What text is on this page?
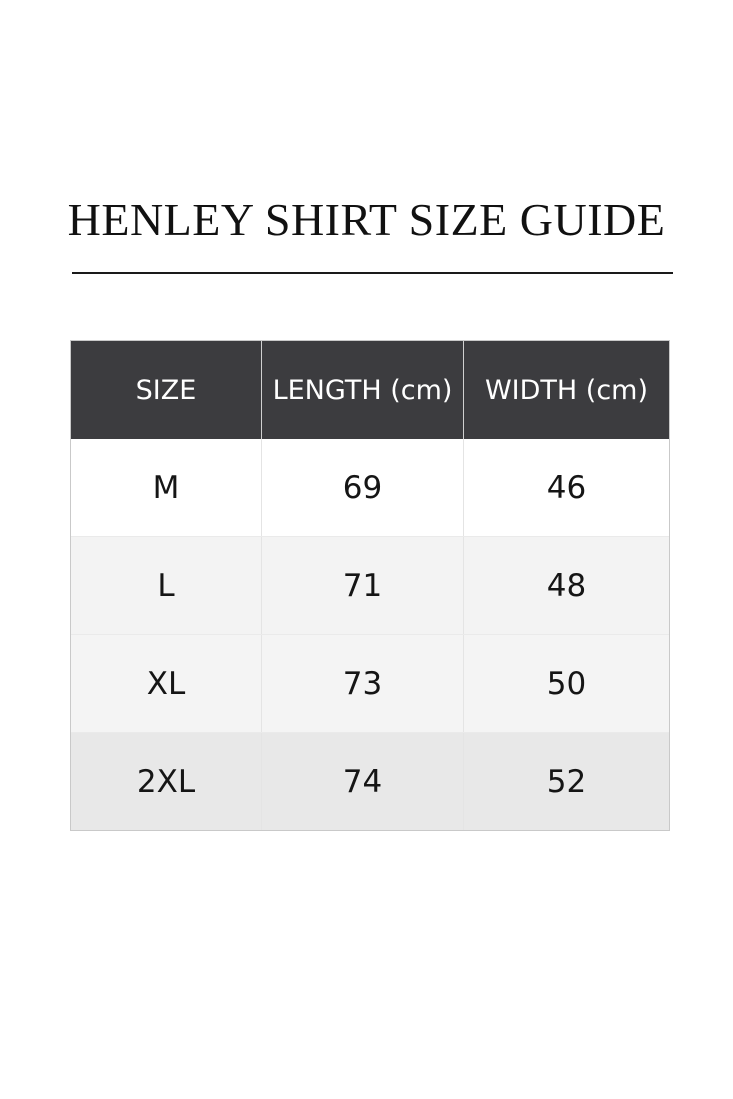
HENLEY SHIRT SIZE GUIDE
SIZE	LENGTH (cm)	WIDTH (cm)
M	69	46
L	71	48
XL	73	50
2XL	74	52
